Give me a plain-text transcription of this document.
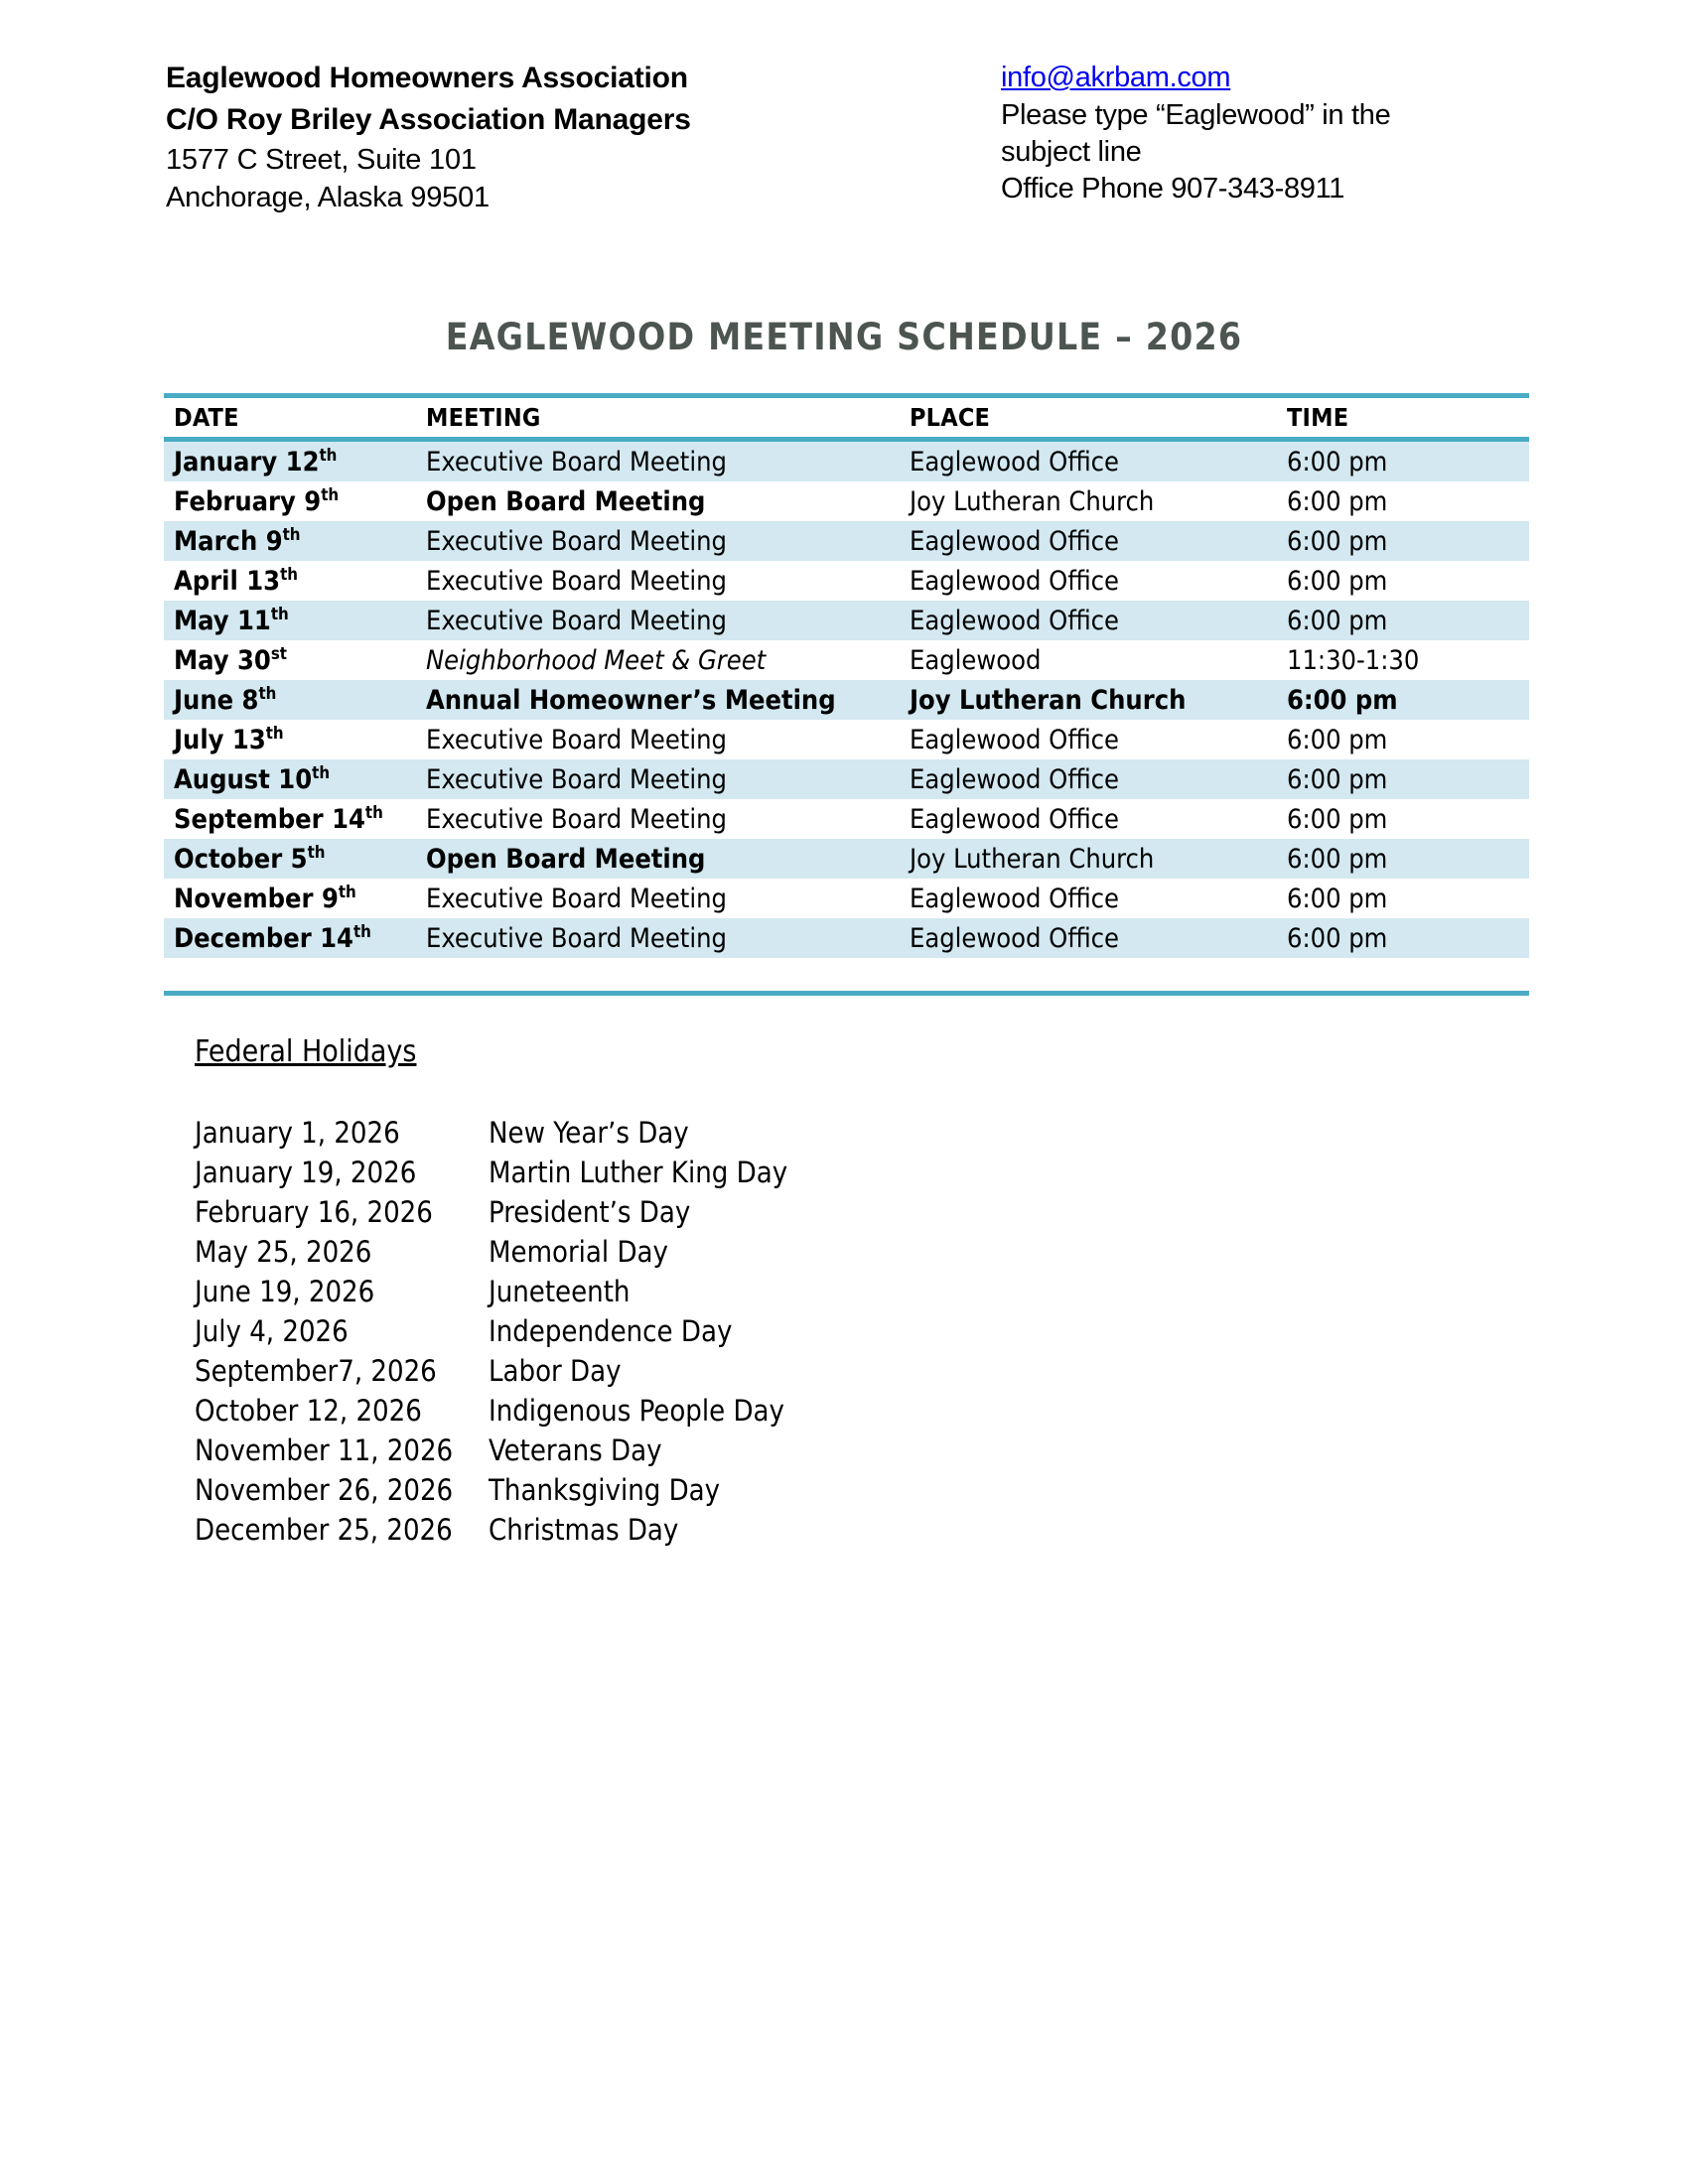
Eaglewood Homeowners Association
C/O Roy Briley Association Managers
1577 C Street, Suite 101
Anchorage, Alaska 99501
info@akrbam.com
Please type “Eaglewood” in the
subject line
Office Phone 907-343-8911
EAGLEWOOD MEETING SCHEDULE – 2026
DATE	MEETING	PLACE	TIME
January 12th	Executive Board Meeting	Eaglewood Office	6:00 pm
February 9th	Open Board Meeting	Joy Lutheran Church	6:00 pm
March 9th	Executive Board Meeting	Eaglewood Office	6:00 pm
April 13th	Executive Board Meeting	Eaglewood Office	6:00 pm
May 11th	Executive Board Meeting	Eaglewood Office	6:00 pm
May 30st	Neighborhood Meet & Greet	Eaglewood	11:30-1:30
June 8th	Annual Homeowner’s Meeting	Joy Lutheran Church	6:00 pm
July 13th	Executive Board Meeting	Eaglewood Office	6:00 pm
August 10th	Executive Board Meeting	Eaglewood Office	6:00 pm
September 14th	Executive Board Meeting	Eaglewood Office	6:00 pm
October 5th	Open Board Meeting	Joy Lutheran Church	6:00 pm
November 9th	Executive Board Meeting	Eaglewood Office	6:00 pm
December 14th	Executive Board Meeting	Eaglewood Office	6:00 pm
Federal Holidays
January 1, 2026	New Year’s Day
January 19, 2026	Martin Luther King Day
February 16, 2026	President’s Day
May 25, 2026	Memorial Day
June 19, 2026	Juneteenth
July 4, 2026	Independence Day
September7, 2026	Labor Day
October 12, 2026	Indigenous People Day
November 11, 2026	Veterans Day
November 26, 2026	Thanksgiving Day
December 25, 2026	Christmas Day
